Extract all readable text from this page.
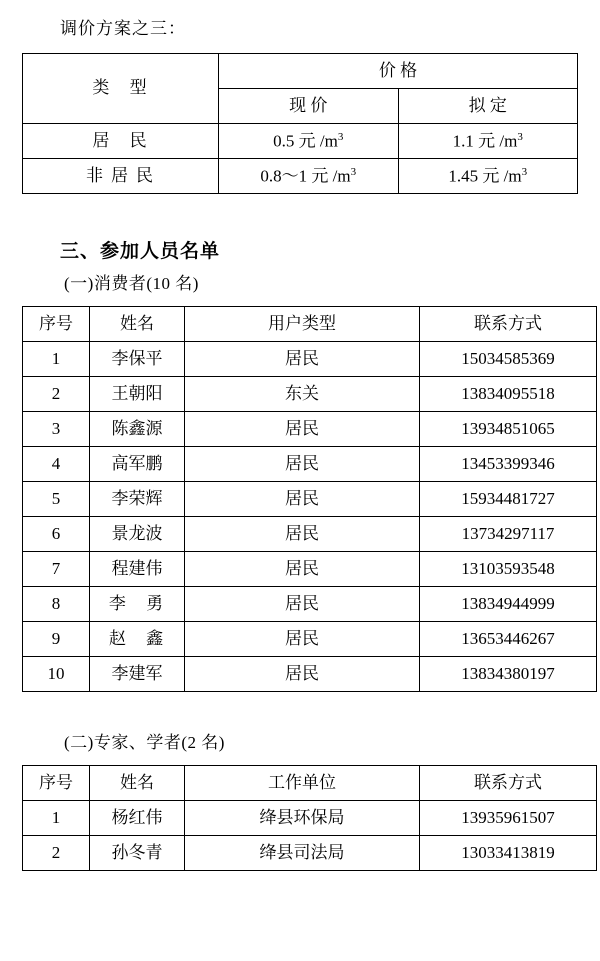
调价方案之三：
类 型	价 格	
	现 价	拟 定
居 民	0.5 元 $/m^3$	1.1 元 $/m^3$
非居民	0.8～1 元 $/m^3$	1.45 元 $/m^3$
三、参加人员名单
(一)消费者(10 名)
序号	姓名	用户类型	联系方式
1	李保平	居民	15034585369
2	王朝阳	东关	13834095518
3	陈鑫源	居民	13934851065
4	高军鹏	居民	13453399346
5	李荣辉	居民	15934481727
6	景龙波	居民	13734297117
7	程建伟	居民	13103593548
8	李 勇	居民	13834944999
9	赵 鑫	居民	13653446267
10	李建军	居民	13834380197
(二)专家、学者(2 名)
序号	姓名	工作单位	联系方式
1	杨红伟	绛县环保局	13935961507
2	孙冬青	绛县司法局	13033413819
